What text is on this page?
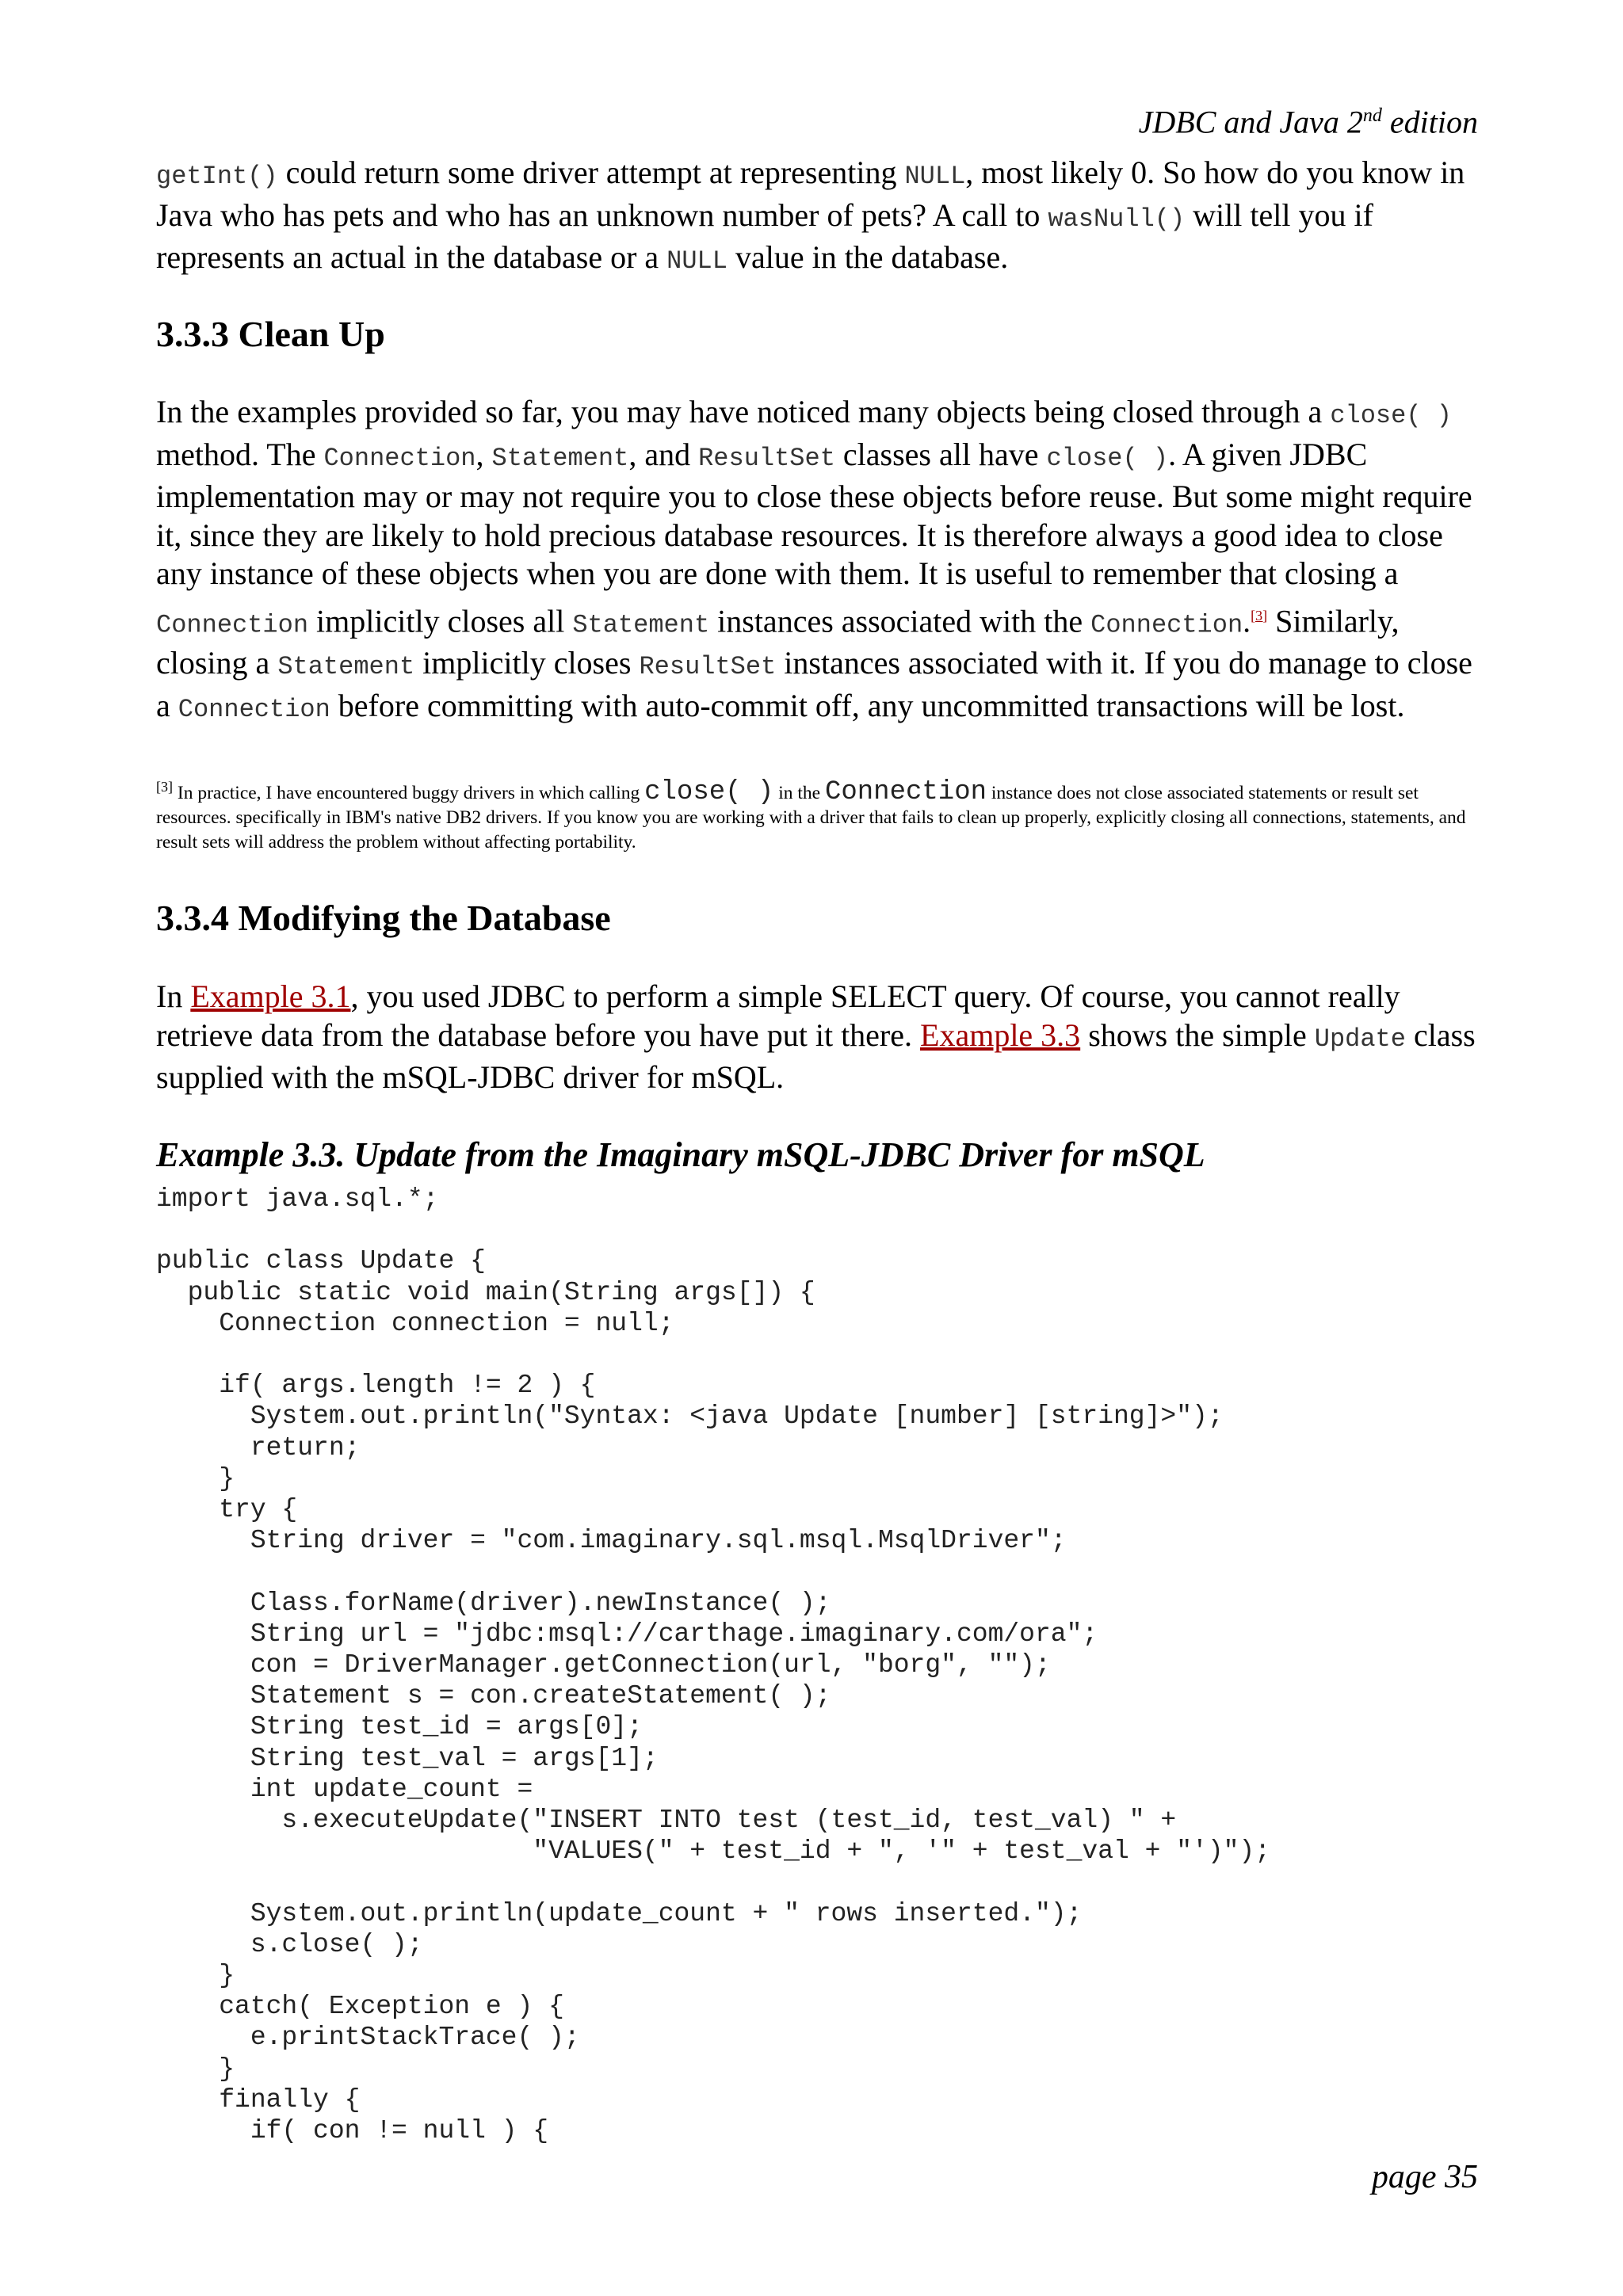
JDBC and Java 2nd edition

getInt() could return some driver attempt at representing NULL, most likely 0. So how do you know in Java who has pets and who has an unknown number of pets? A call to wasNull() will tell you if represents an actual in the database or a NULL value in the database.

3.3.3 Clean Up

In the examples provided so far, you may have noticed many objects being closed through a close( ) method. The Connection, Statement, and ResultSet classes all have close( ). A given JDBC implementation may or may not require you to close these objects before reuse. But some might require it, since they are likely to hold precious database resources. It is therefore always a good idea to close any instance of these objects when you are done with them. It is useful to remember that closing a Connection implicitly closes all Statement instances associated with the Connection.[3] Similarly, closing a Statement implicitly closes ResultSet instances associated with it. If you do manage to close a Connection before committing with auto-commit off, any uncommitted transactions will be lost.

[3] In practice, I have encountered buggy drivers in which calling close( ) in the Connection instance does not close associated statements or result set resources. specifically in IBM's native DB2 drivers. If you know you are working with a driver that fails to clean up properly, explicitly closing all connections, statements, and result sets will address the problem without affecting portability.
3.3.4 Modifying the Database

In Example 3.1, you used JDBC to perform a simple SELECT query. Of course, you cannot really retrieve data from the database before you have put it there. Example 3.3 shows the simple Update class supplied with the mSQL-JDBC driver for mSQL.

Example 3.3. Update from the Imaginary mSQL-JDBC Driver for mSQL
import java.sql.*;

public class Update {
public static void main(String args[]) {
Connection connection = null;

if( args.length != 2 ) {
System.out.println("Syntax: <java Update [number] [string]>");
return;
}
try {
String driver = "com.imaginary.sql.msql.MsqlDriver";

Class.forName(driver).newInstance( );
String url = "jdbc:msql://carthage.imaginary.com/ora";
con = DriverManager.getConnection(url, "borg", "");
Statement s = con.createStatement( );
String test_id = args[0];
String test_val = args[1];
int update_count =
s.executeUpdate("INSERT INTO test (test_id, test_val) " +
"VALUES(" + test_id + ", '" + test_val + "')");

System.out.println(update_count + " rows inserted.");
s.close( );
}
catch( Exception e ) {
e.printStackTrace( );
}
finally {
if( con != null ) {
page 35
